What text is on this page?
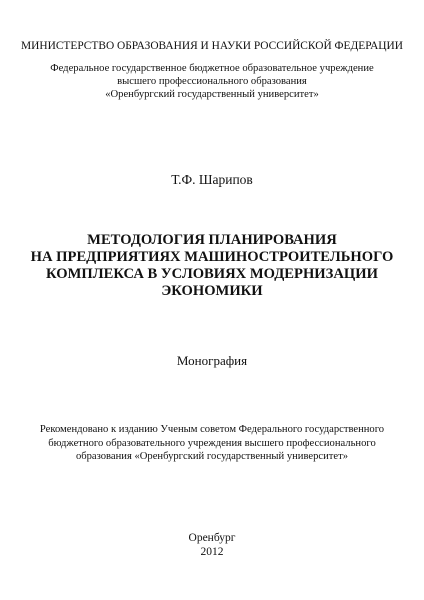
МИНИСТЕРСТВО ОБРАЗОВАНИЯ И НАУКИ РОССИЙСКОЙ ФЕДЕРАЦИИ
Федеральное государственное бюджетное образовательное учреждение
высшего профессионального образования
«Оренбургский государственный университет»
Т.Ф. Шарипов
МЕТОДОЛОГИЯ ПЛАНИРОВАНИЯ
НА ПРЕДПРИЯТИЯХ МАШИНОСТРОИТЕЛЬНОГО
КОМПЛЕКСА В УСЛОВИЯХ МОДЕРНИЗАЦИИ
ЭКОНОМИКИ
Монография
Рекомендовано к изданию Ученым советом Федерального государственного
бюджетного образовательного учреждения высшего профессионального
образования «Оренбургский государственный университет»
Оренбург
2012
